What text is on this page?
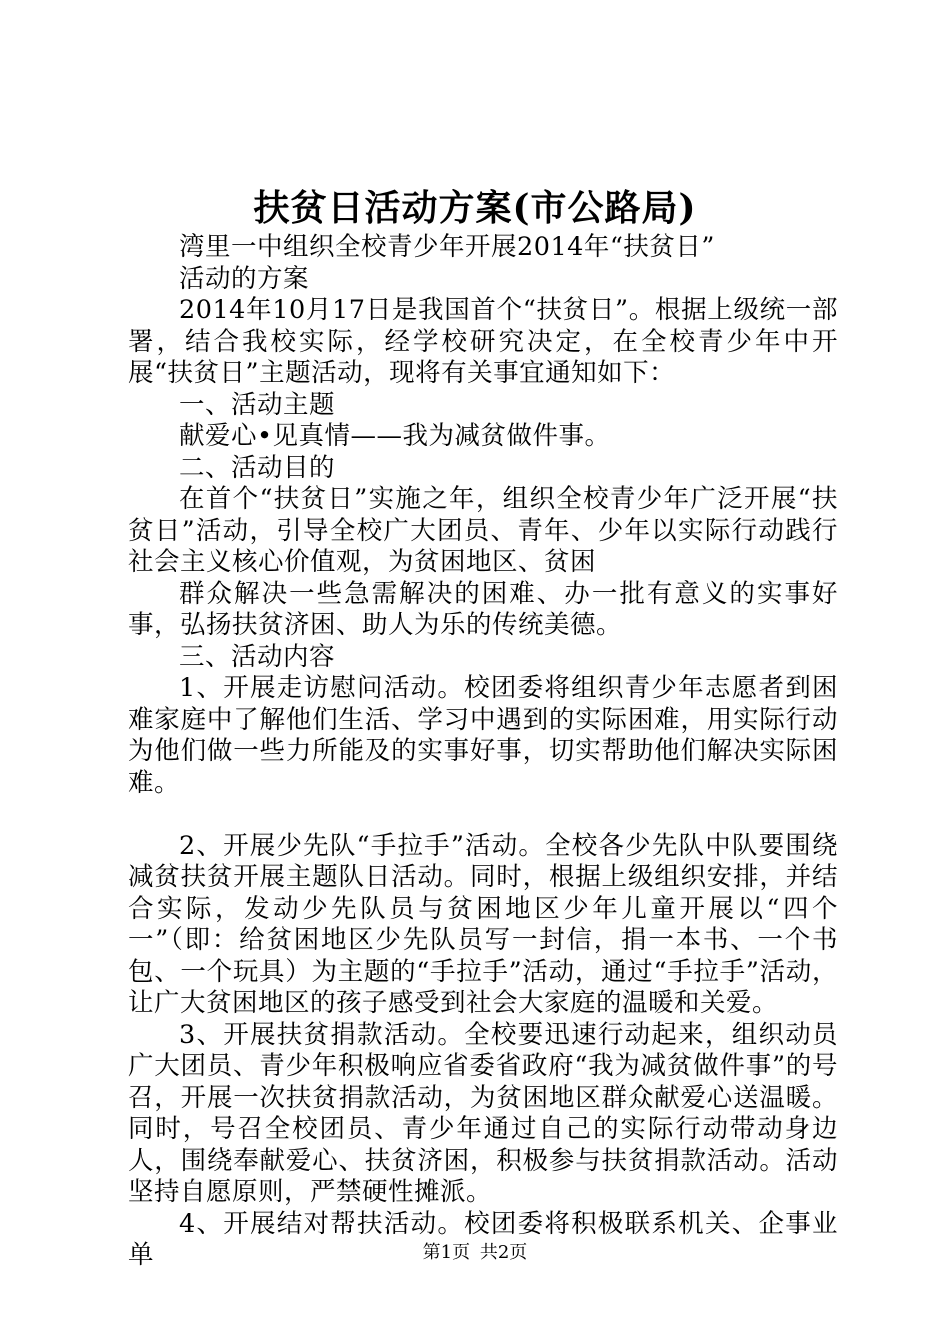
扶贫日活动方案(市公路局)

湾里一中组织全校青少年开展2014年“扶贫日”

活动的方案

2014年10月17日是我国首个“扶贫日”。根据上级统一部署，结合我校实际，经学校研究决定，在全校青少年中开展“扶贫日”主题活动，现将有关事宜通知如下：

一、活动主题

献爱心•见真情——我为减贫做件事。

二、活动目的

在首个“扶贫日”实施之年，组织全校青少年广泛开展“扶贫日”活动，引导全校广大团员、青年、少年以实际行动践行社会主义核心价值观，为贫困地区、贫困

群众解决一些急需解决的困难、办一批有意义的实事好事，弘扬扶贫济困、助人为乐的传统美德。

三、活动内容

1、开展走访慰问活动。校团委将组织青少年志愿者到困难家庭中了解他们生活、学习中遇到的实际困难，用实际行动为他们做一些力所能及的实事好事，切实帮助他们解决实际困难。

2、开展少先队“手拉手”活动。全校各少先队中队要围绕减贫扶贫开展主题队日活动。同时，根据上级组织安排，并结合实际，发动少先队员与贫困地区少年儿童开展以“四个一”（即：给贫困地区少先队员写一封信，捐一本书、一个书包、一个玩具）为主题的“手拉手”活动，通过“手拉手”活动，让广大贫困地区的孩子感受到社会大家庭的温暖和关爱。

3、开展扶贫捐款活动。全校要迅速行动起来，组织动员广大团员、青少年积极响应省委省政府“我为减贫做件事”的号召，开展一次扶贫捐款活动，为贫困地区群众献爱心送温暖。同时，号召全校团员、青少年通过自己的实际行动带动身边人，围绕奉献爱心、扶贫济困，积极参与扶贫捐款活动。活动坚持自愿原则，严禁硬性摊派。

4、开展结对帮扶活动。校团委将积极联系机关、企事业单	第1页 共2页
